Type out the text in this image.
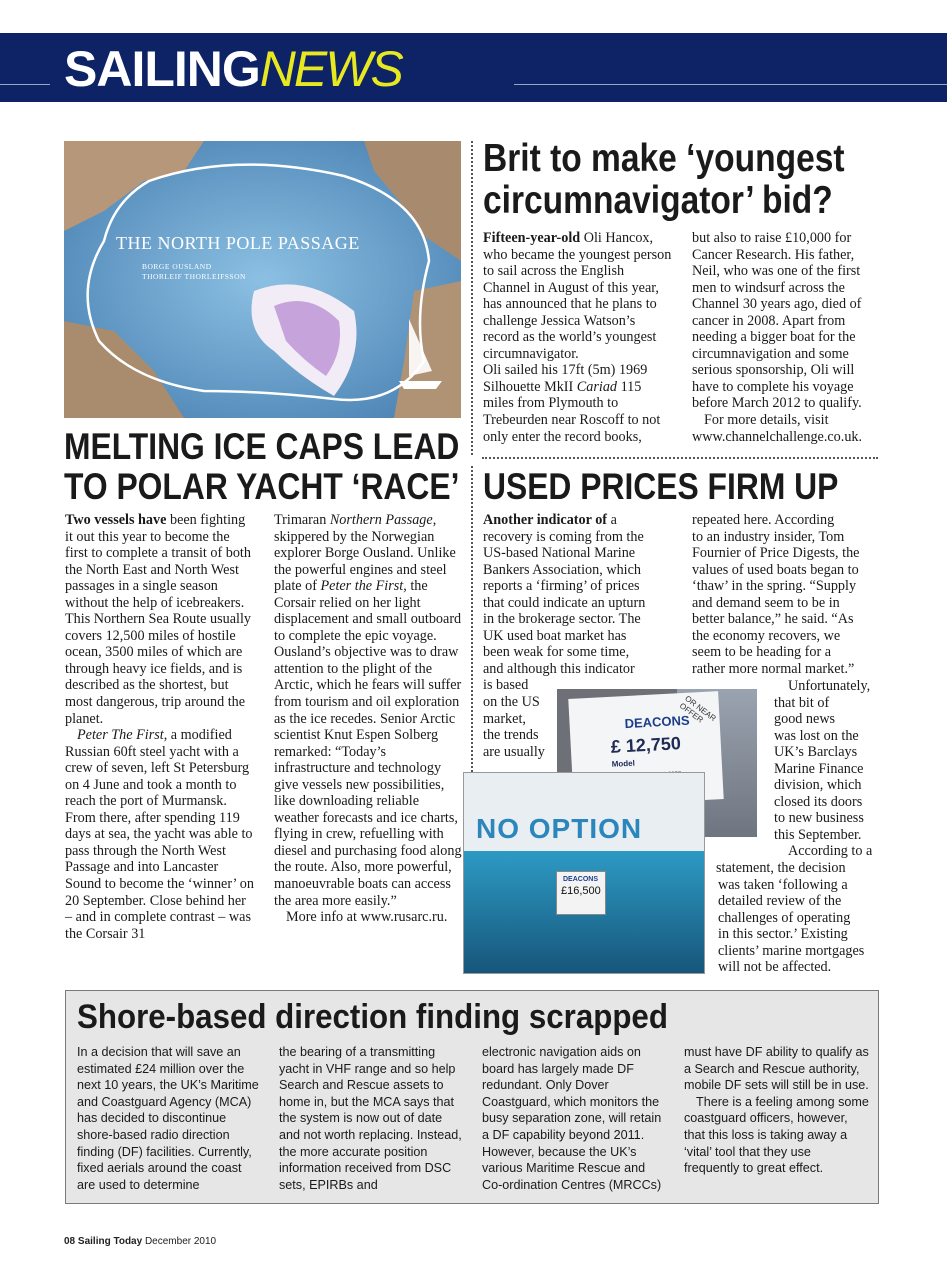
SAILINGNEWS
THE NORTH POLE PASSAGE
BORGE OUSLAND
THORLEIF THORLEIFSSON
Brit to make ‘youngest
circumnavigator’ bid?

Fifteen-year-old Oli Hancox, who became the youngest person to sail across the English Channel in August of this year, has announced that he plans to challenge Jessica Watson’s record as the world’s youngest circumnavigator.

Oli sailed his 17ft (5m) 1969 Silhouette MkII Cariad 115 miles from Plymouth to Trebeurden near Roscoff to not only enter the record books,

but also to raise £10,000 for Cancer Research. His father, Neil, who was one of the first men to windsurf across the Channel 30 years ago, died of cancer in 2008. Apart from needing a bigger boat for the circumnavigation and some serious sponsorship, Oli will have to complete his voyage before March 2012 to qualify.

For more details, visit www.channelchallenge.co.uk.

MELTING ICE CAPS LEAD
TO POLAR YACHT ‘RACE’

Two vessels have been fighting it out this year to become the first to complete a transit of both the North East and North West passages in a single season without the help of icebreakers. This Northern Sea Route usually covers 12,500 miles of hostile ocean, 3500 miles of which are through heavy ice fields, and is described as the shortest, but most dangerous, trip around the planet.

Peter The First, a modified Russian 60ft steel yacht with a crew of seven, left St Petersburg on 4 June and took a month to reach the port of Murmansk. From there, after spending 119 days at sea, the yacht was able to pass through the North West Passage and into Lancaster Sound to become the ‘winner’ on 20 September. Close behind her – and in complete contrast – was the Corsair 31

Trimaran Northern Passage, skippered by the Norwegian explorer Borge Ousland. Unlike the powerful engines and steel plate of Peter the First, the Corsair relied on her light displacement and small outboard to complete the epic voyage. Ousland’s objective was to draw attention to the plight of the Arctic, which he fears will suffer from tourism and oil exploration as the ice recedes. Senior Arctic scientist Knut Espen Solberg remarked: “Today’s infrastructure and technology give vessels new possibilities, like downloading reliable weather forecasts and ice charts, flying in crew, refuelling with diesel and purchasing food along the route. Also, more powerful, manoeuvrable boats can access the area more easily.”

More info at www.rusarc.ru.

USED PRICES FIRM UP
Another indicator of a
recovery is coming from the
US-based National Marine
Bankers Association, which
reports a ‘firming’ of prices
that could indicate an upturn
in the brokerage sector. The
UK used boat market has
been weak for some time,
and although this indicator
is based
on the US
market,
the trends
are usually
repeated here. According
to an industry insider, Tom
Fournier of Price Digests, the
values of used boats began to
‘thaw’ in the spring. “Supply
and demand seem to be in
better balance,” he said. “As
the economy recovers, we
seem to be heading for a
rather more normal market.”
Unfortunately,
that bit of
good news
was lost on the
UK’s Barclays
Marine Finance
division, which
closed its doors
to new business
this September.
According to a
statement, the decision
was taken ‘following a
detailed review of the
challenges of operating
in this sector.’ Existing
clients’ marine mortgages
will not be affected.
DEACONS
£ 12,750
OR NEAR OFFER
Model
NO OPTION
DEACONS
£16,500
Shore-based direction finding scrapped

In a decision that will save an estimated £24 million over the next 10 years, the UK’s Maritime and Coastguard Agency (MCA) has decided to discontinue shore-based radio direction finding (DF) facilities. Currently, fixed aerials around the coast are used to determine

the bearing of a transmitting yacht in VHF range and so help Search and Rescue assets to home in, but the MCA says that the system is now out of date and not worth replacing. Instead, the more accurate position information received from DSC sets, EPIRBs and

electronic navigation aids on board has largely made DF redundant. Only Dover Coastguard, which monitors the busy separation zone, will retain a DF capability beyond 2011. However, because the UK’s various Maritime Rescue and Co-ordination Centres (MRCCs)

must have DF ability to qualify as a Search and Rescue authority, mobile DF sets will still be in use.

There is a feeling among some coastguard officers, however, that this loss is taking away a ‘vital’ tool that they use frequently to great effect.

08 Sailing Today December 2010
